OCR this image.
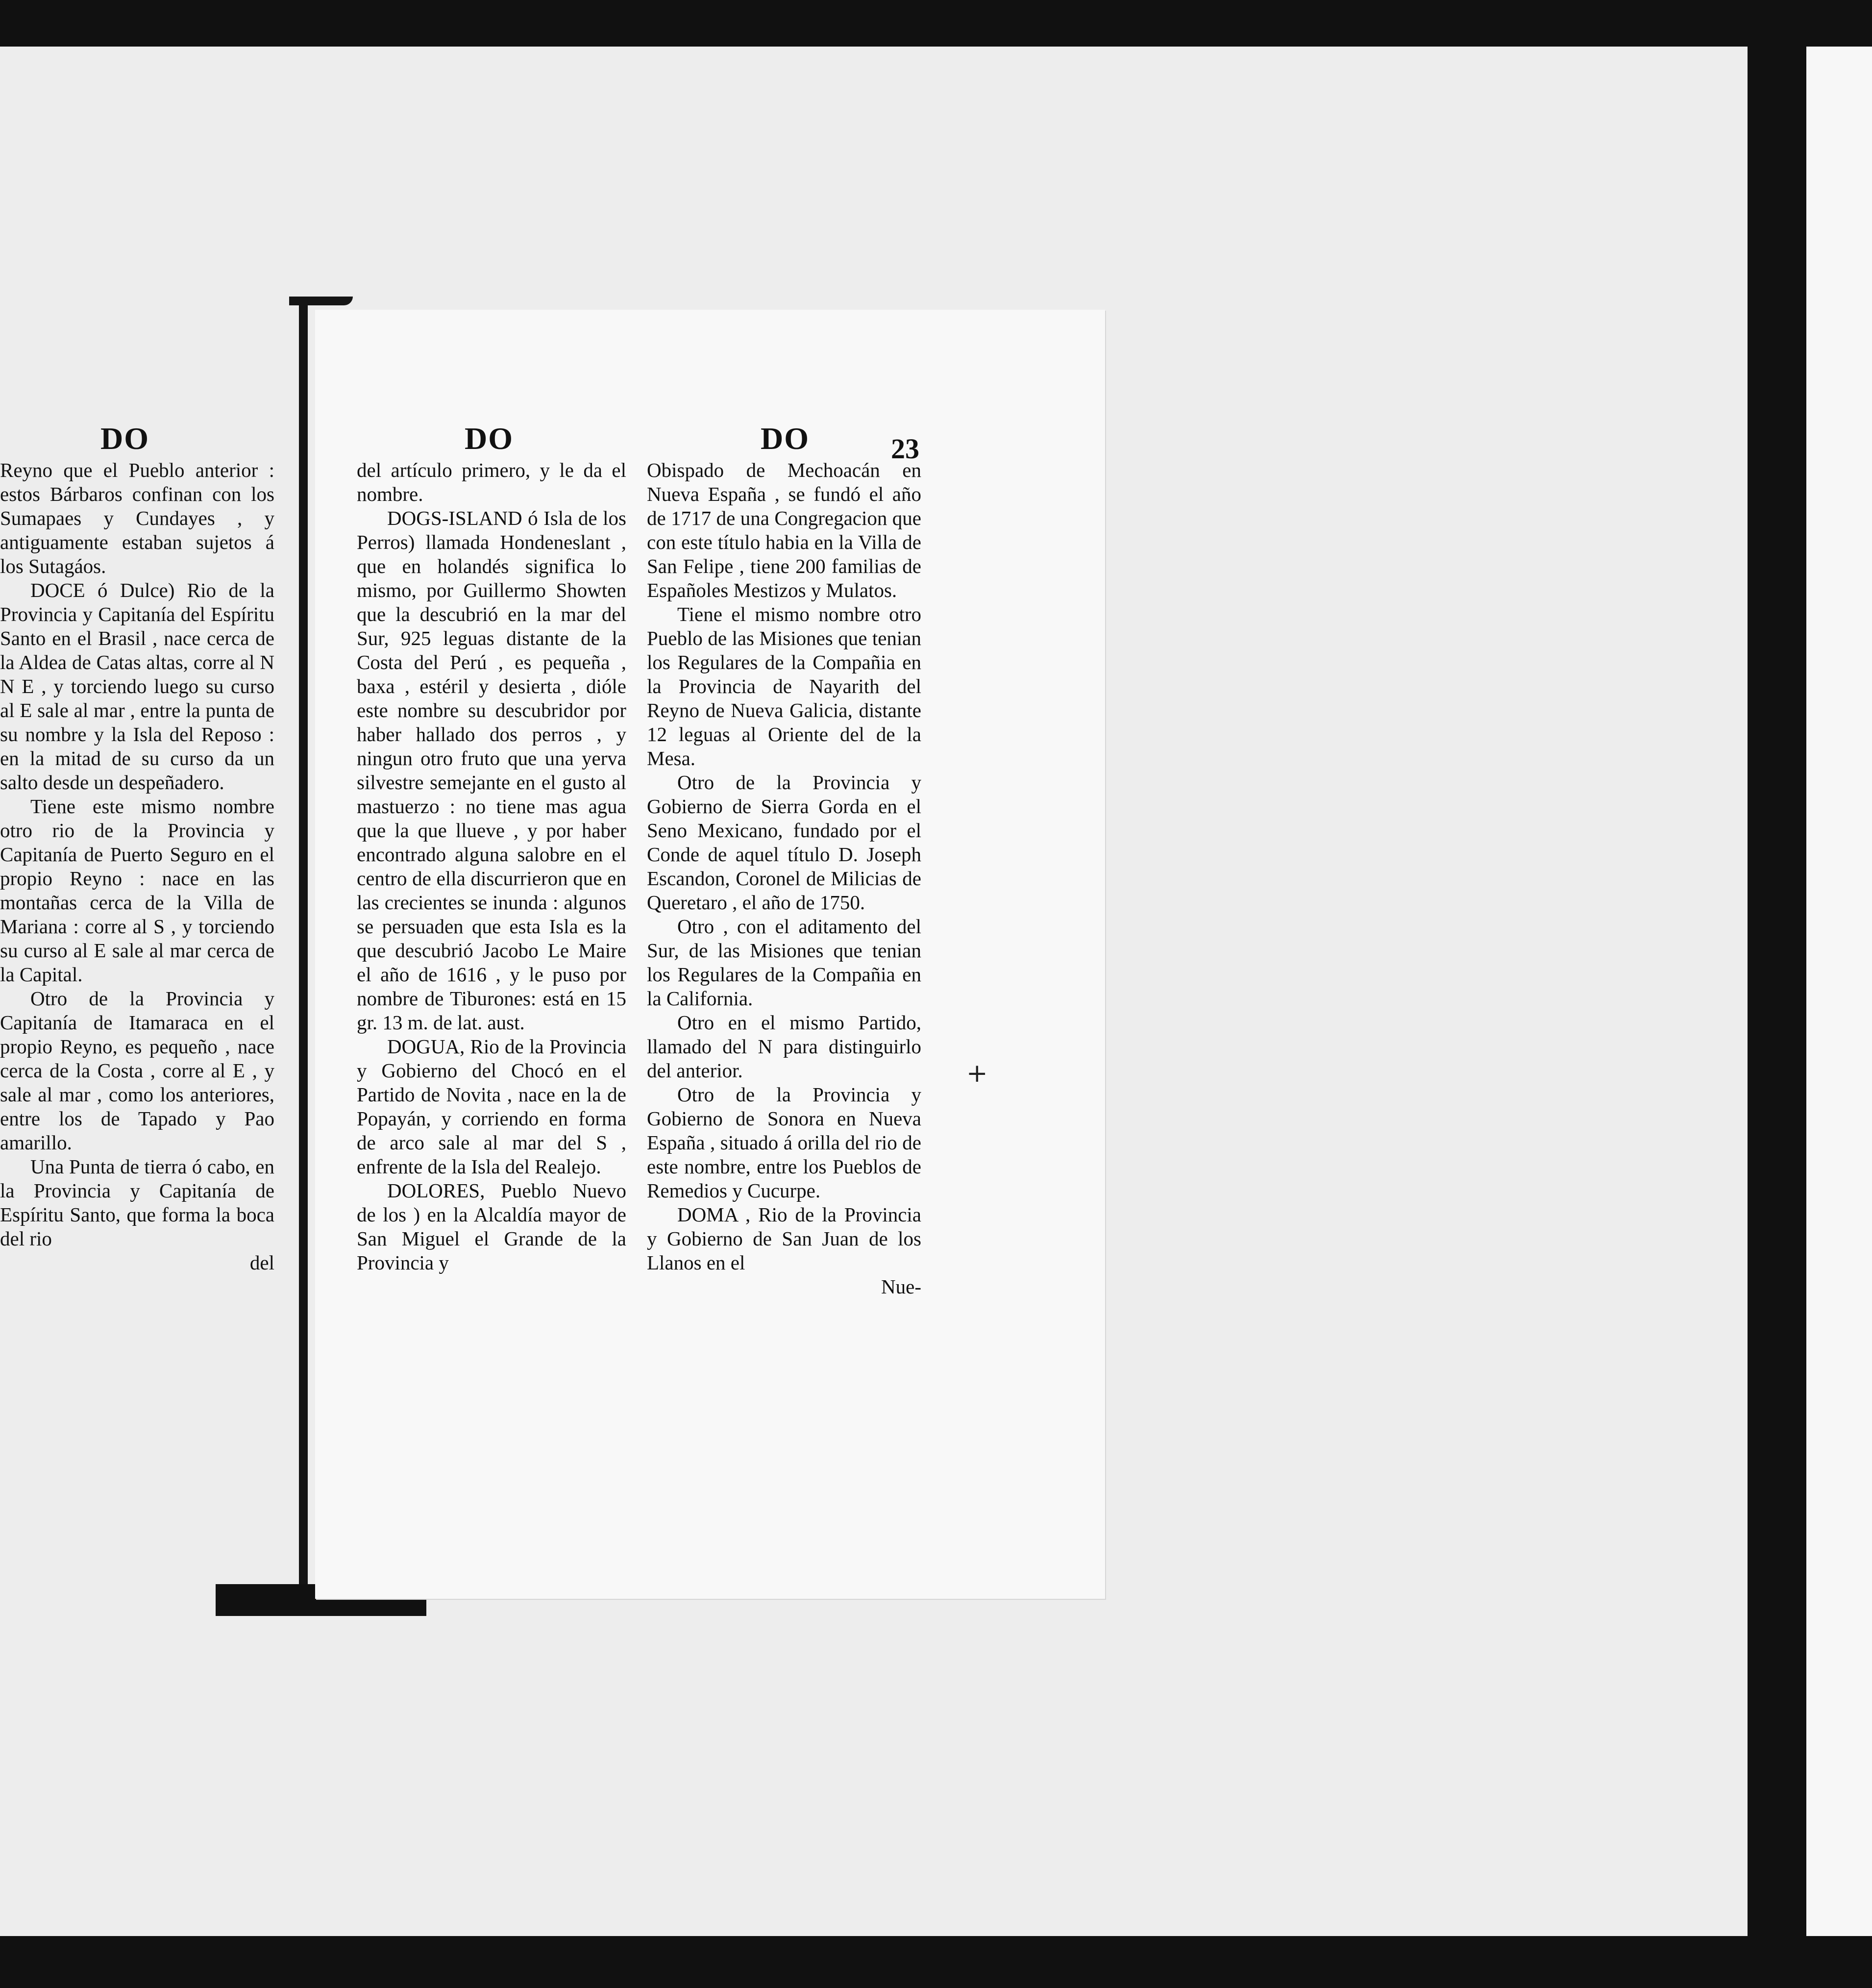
DO	DO	DO	23

Reyno que el Pueblo anterior : estos Bárbaros confinan con los Sumapaes y Cundayes , y antiguamente estaban sujetos á los Sutagáos.

DOCE ó Dulce) Rio de la Provincia y Capitanía del Espíritu Santo en el Brasil , nace cerca de la Aldea de Catas altas, corre al N N E , y torciendo luego su curso al E sale al mar , entre la punta de su nombre y la Isla del Reposo : en la mitad de su curso da un salto desde un despeñadero.

Tiene este mismo nombre otro rio de la Provincia y Capitanía de Puerto Seguro en el propio Reyno : nace en las montañas cerca de la Villa de Mariana : corre al S , y torciendo su curso al E sale al mar cerca de la Capital.

Otro de la Provincia y Capitanía de Itamaraca en el propio Reyno, es pequeño , nace cerca de la Costa , corre al E , y sale al mar , como los anteriores, entre los de Tapado y Pao amarillo.

Una Punta de tierra ó cabo, en la Provincia y Capitanía de Espíritu Santo, que forma la boca del rio

del

del artículo primero, y le da el nombre.

DOGS-ISLAND ó Isla de los Perros) llamada Hondeneslant , que en holandés significa lo mismo, por Guillermo Showten que la descubrió en la mar del Sur, 925 leguas distante de la Costa del Perú , es pequeña , baxa , estéril y desierta , dióle este nombre su descubridor por haber hallado dos perros , y ningun otro fruto que una yerva silvestre semejante en el gusto al mastuerzo : no tiene mas agua que la que llueve , y por haber encontrado alguna salobre en el centro de ella discurrieron que en las crecientes se inunda : algunos se persuaden que esta Isla es la que descubrió Jacobo Le Maire el año de 1616 , y le puso por nombre de Tiburones: está en 15 gr. 13 m. de lat. aust.

DOGUA, Rio de la Provincia y Gobierno del Chocó en el Partido de Novita , nace en la de Popayán, y corriendo en forma de arco sale al mar del S , enfrente de la Isla del Realejo.

DOLORES, Pueblo Nuevo de los ) en la Alcaldía mayor de San Miguel el Grande de la Provincia y

Obispado de Mechoacán en Nueva España , se fundó el año de 1717 de una Congregacion que con este título habia en la Villa de San Felipe , tiene 200 familias de Españoles Mestizos y Mulatos.

Tiene el mismo nombre otro Pueblo de las Misiones que tenian los Regulares de la Compañia en la Provincia de Nayarith del Reyno de Nueva Galicia, distante 12 leguas al Oriente del de la Mesa.

Otro de la Provincia y Gobierno de Sierra Gorda en el Seno Mexicano, fundado por el Conde de aquel título D. Joseph Escandon, Coronel de Milicias de Queretaro , el año de 1750.

Otro , con el aditamento del Sur, de las Misiones que tenian los Regulares de la Compañia en la California.

Otro en el mismo Partido, llamado del N para distinguirlo del anterior.

Otro de la Provincia y Gobierno de Sonora en Nueva España , situado á orilla del rio de este nombre, entre los Pueblos de Remedios y Cucurpe.

DOMA , Rio de la Provincia y Gobierno de San Juan de los Llanos en el

Nue-

+
